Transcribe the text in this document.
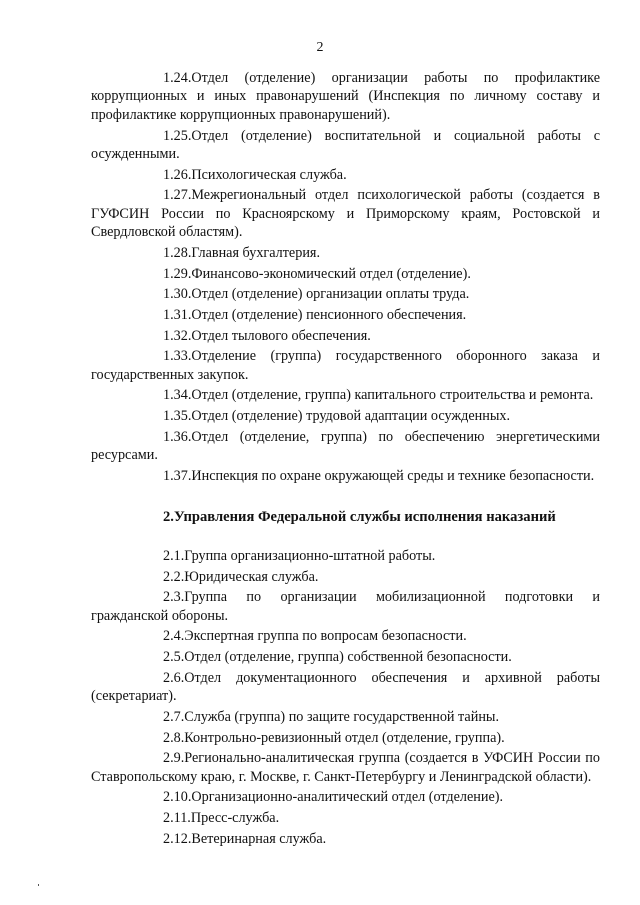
2

1.24.Отдел (отделение) организации работы по профилактике коррупционных и иных правонарушений (Инспекция по личному составу и профилактике коррупционных правонарушений).

1.25.Отдел (отделение) воспитательной и социальной работы с осужденными.

1.26.Психологическая служба.

1.27.Межрегиональный отдел психологической работы (создается в ГУФСИН России по Красноярскому и Приморскому краям, Ростовской и Свердловской областям).

1.28.Главная бухгалтерия.

1.29.Финансово-экономический отдел (отделение).

1.30.Отдел (отделение) организации оплаты труда.

1.31.Отдел (отделение) пенсионного обеспечения.

1.32.Отдел тылового обеспечения.

1.33.Отделение (группа) государственного оборонного заказа и государственных закупок.

1.34.Отдел (отделение, группа) капитального строительства и ремонта.

1.35.Отдел (отделение) трудовой адаптации осужденных.

1.36.Отдел (отделение, группа) по обеспечению энергетическими ресурсами.

1.37.Инспекция по охране окружающей среды и технике безопасности.

2.Управления Федеральной службы исполнения наказаний

2.1.Группа организационно-штатной работы.

2.2.Юридическая служба.

2.3.Группа по организации мобилизационной подготовки и гражданской обороны.

2.4.Экспертная группа по вопросам безопасности.

2.5.Отдел (отделение, группа) собственной безопасности.

2.6.Отдел документационного обеспечения и архивной работы (секретариат).

2.7.Служба (группа) по защите государственной тайны.

2.8.Контрольно-ревизионный отдел (отделение, группа).

2.9.Регионально-аналитическая группа (создается в УФСИН России по Ставропольскому краю, г. Москве, г. Санкт-Петербургу и Ленинградской области).

2.10.Организационно-аналитический отдел (отделение).

2.11.Пресс-служба.

2.12.Ветеринарная служба.
